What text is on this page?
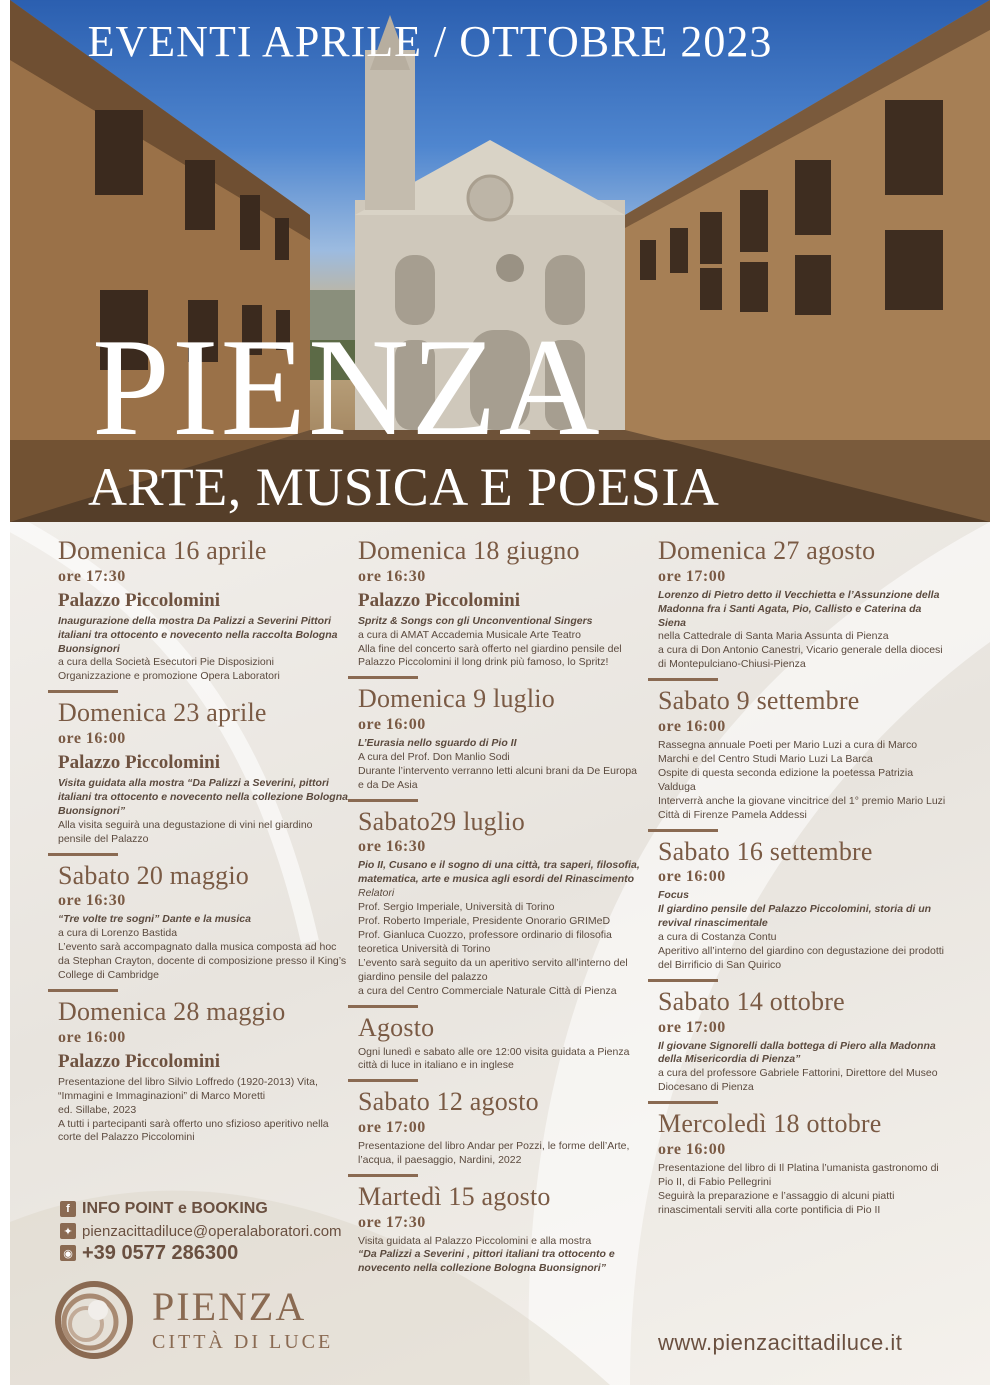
EVENTI APRILE / OTTOBRE 2023
PIENZA
ARTE, MUSICA E POESIA
Domenica 16 aprile
ore 17:30
Palazzo Piccolomini
Inaugurazione della mostra Da Palizzi a Severini Pittori italiani tra ottocento e novecento nella raccolta Bologna Buonsignori
a cura della Società Esecutori Pie Disposizioni Organizzazione e promozione Opera Laboratori
Domenica 23 aprile
ore 16:00
Palazzo Piccolomini
Visita guidata alla mostra “Da Palizzi a Severini, pittori italiani tra ottocento e novecento nella collezione Bologna Buonsignori”
Alla visita seguirà una degustazione di vini nel giardino pensile del Palazzo
Sabato 20 maggio
ore 16:30
“Tre volte tre sogni” Dante e la musica
a cura di Lorenzo Bastida
L’evento sarà accompagnato dalla musica composta ad hoc da Stephan Crayton, docente di composizione presso il King’s College di Cambridge
Domenica 28 maggio
ore 16:00
Palazzo Piccolomini
Presentazione del libro Silvio Loffredo (1920-2013) Vita, “Immagini e Immaginazioni” di Marco Moretti
ed. Sillabe, 2023
A tutti i partecipanti sarà offerto uno sfizioso aperitivo nella corte del Palazzo Piccolomini
Domenica 18 giugno
ore 16:30
Palazzo Piccolomini
Spritz & Songs con gli Unconventional Singers
a cura di AMAT Accademia Musicale Arte Teatro
Alla fine del concerto sarà offerto nel giardino pensile del Palazzo Piccolomini il long drink più famoso, lo Spritz!
Domenica 9 luglio
ore 16:00
L’Eurasia nello sguardo di Pio II
A cura del Prof. Don Manlio Sodi
Durante l’intervento verranno letti alcuni brani da De Europa e da De Asia
Sabato29 luglio
ore 16:30
Pio II, Cusano e il sogno di una città, tra saperi, filosofia, matematica, arte e musica agli esordi del Rinascimento
Relatori
Prof. Sergio Imperiale, Università di Torino
Prof. Roberto Imperiale, Presidente Onorario GRIMeD
Prof. Gianluca Cuozzo, professore ordinario di filosofia teoretica Università di Torino
L’evento sarà seguito da un aperitivo servito all’interno del giardino pensile del palazzo
a cura del Centro Commerciale Naturale Città di Pienza
Agosto
Ogni lunedì e sabato alle ore 12:00 visita guidata a Pienza città di luce in italiano e in inglese
Sabato 12 agosto
ore 17:00
Presentazione del libro Andar per Pozzi, le forme dell’Arte, l’acqua, il paesaggio, Nardini, 2022
Martedì 15 agosto
ore 17:30
Visita guidata al Palazzo Piccolomini e alla mostra
“Da Palizzi a Severini , pittori italiani tra ottocento e novecento nella collezione Bologna Buonsignori”
Domenica 27 agosto
ore 17:00
Lorenzo di Pietro detto il Vecchietta e l’Assunzione della Madonna fra i Santi Agata, Pio, Callisto e Caterina da Siena
nella Cattedrale di Santa Maria Assunta di Pienza
a cura di Don Antonio Canestri, Vicario generale della diocesi di Montepulciano-Chiusi-Pienza
Sabato 9 settembre
ore 16:00
Rassegna annuale Poeti per Mario Luzi a cura di Marco Marchi e del Centro Studi Mario Luzi La Barca
Ospite di questa seconda edizione la poetessa Patrizia Valduga
Interverrà anche la giovane vincitrice del 1° premio Mario Luzi Città di Firenze Pamela Addessi
Sabato 16 settembre
ore 16:00
Focus
Il giardino pensile del Palazzo Piccolomini, storia di un revival rinascimentale
a cura di Costanza Contu
Aperitivo all’interno del giardino con degustazione dei prodotti del Birrificio di San Quirico
Sabato 14 ottobre
ore 17:00
Il giovane Signorelli dalla bottega di Piero alla Madonna della Misericordia di Pienza”
a cura del professore Gabriele Fattorini, Direttore del Museo Diocesano di Pienza
Mercoledì 18 ottobre
ore 16:00
Presentazione del libro di Il Platina l’umanista gastronomo di Pio II, di Fabio Pellegrini
Seguirà la preparazione e l’assaggio di alcuni piatti rinascimentali serviti alla corte pontificia di Pio II
f INFO POINT e BOOKING
✦ pienzacittadiluce@operalaboratori.com
◉ +39 0577 286300
PIENZA
CITTÀ DI LUCE	www.pienzacittadiluce.it
